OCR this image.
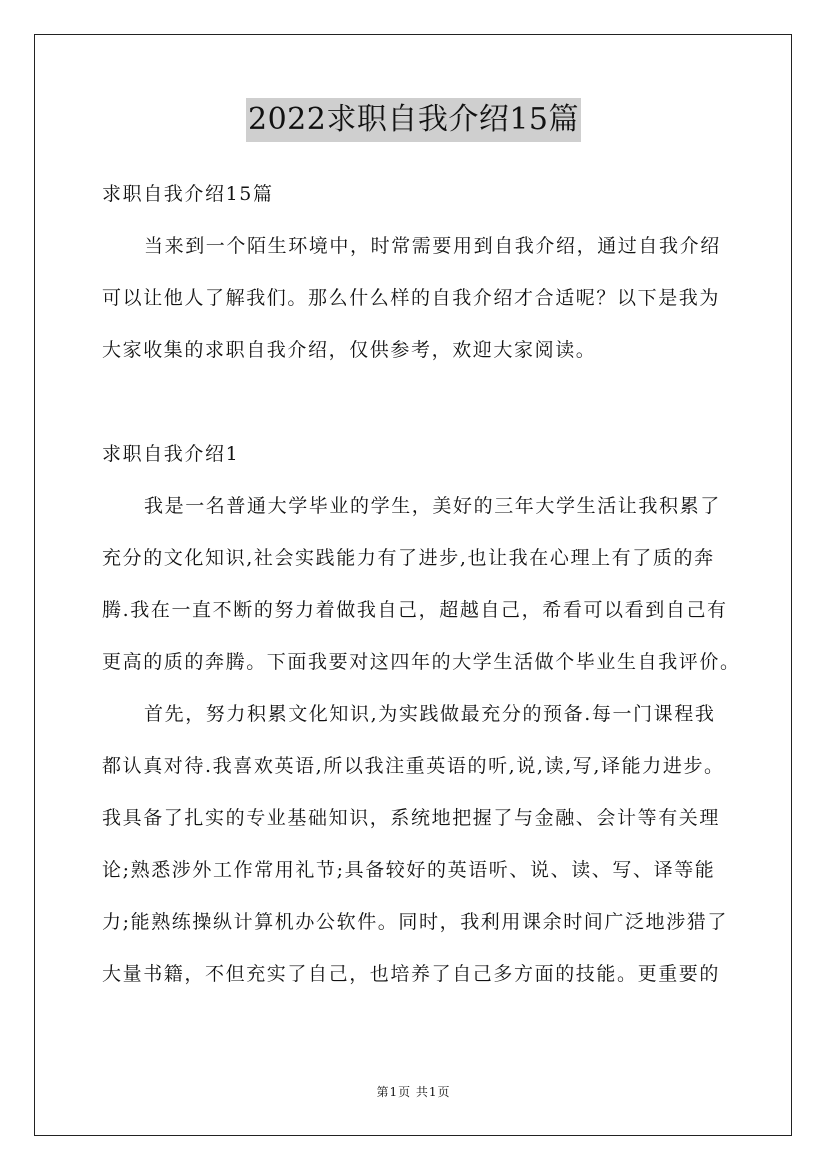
2022求职自我介绍15篇
求职自我介绍15篇
当来到一个陌生环境中，时常需要用到自我介绍，通过自我介绍
可以让他人了解我们。那么什么样的自我介绍才合适呢？以下是我为
大家收集的求职自我介绍，仅供参考，欢迎大家阅读。
求职自我介绍1
我是一名普通大学毕业的学生，美好的三年大学生活让我积累了
充分的文化知识,社会实践能力有了进步,也让我在心理上有了质的奔
腾.我在一直不断的努力着做我自己，超越自己，希看可以看到自己有
更高的质的奔腾。下面我要对这四年的大学生活做个毕业生自我评价。
首先，努力积累文化知识,为实践做最充分的预备.每一门课程我
都认真对待.我喜欢英语,所以我注重英语的听,说,读,写,译能力进步。
我具备了扎实的专业基础知识，系统地把握了与金融、会计等有关理
论;熟悉涉外工作常用礼节;具备较好的英语听、说、读、写、译等能
力;能熟练操纵计算机办公软件。同时，我利用课余时间广泛地涉猎了
大量书籍，不但充实了自己，也培养了自己多方面的技能。更重要的
第1页 共1页
